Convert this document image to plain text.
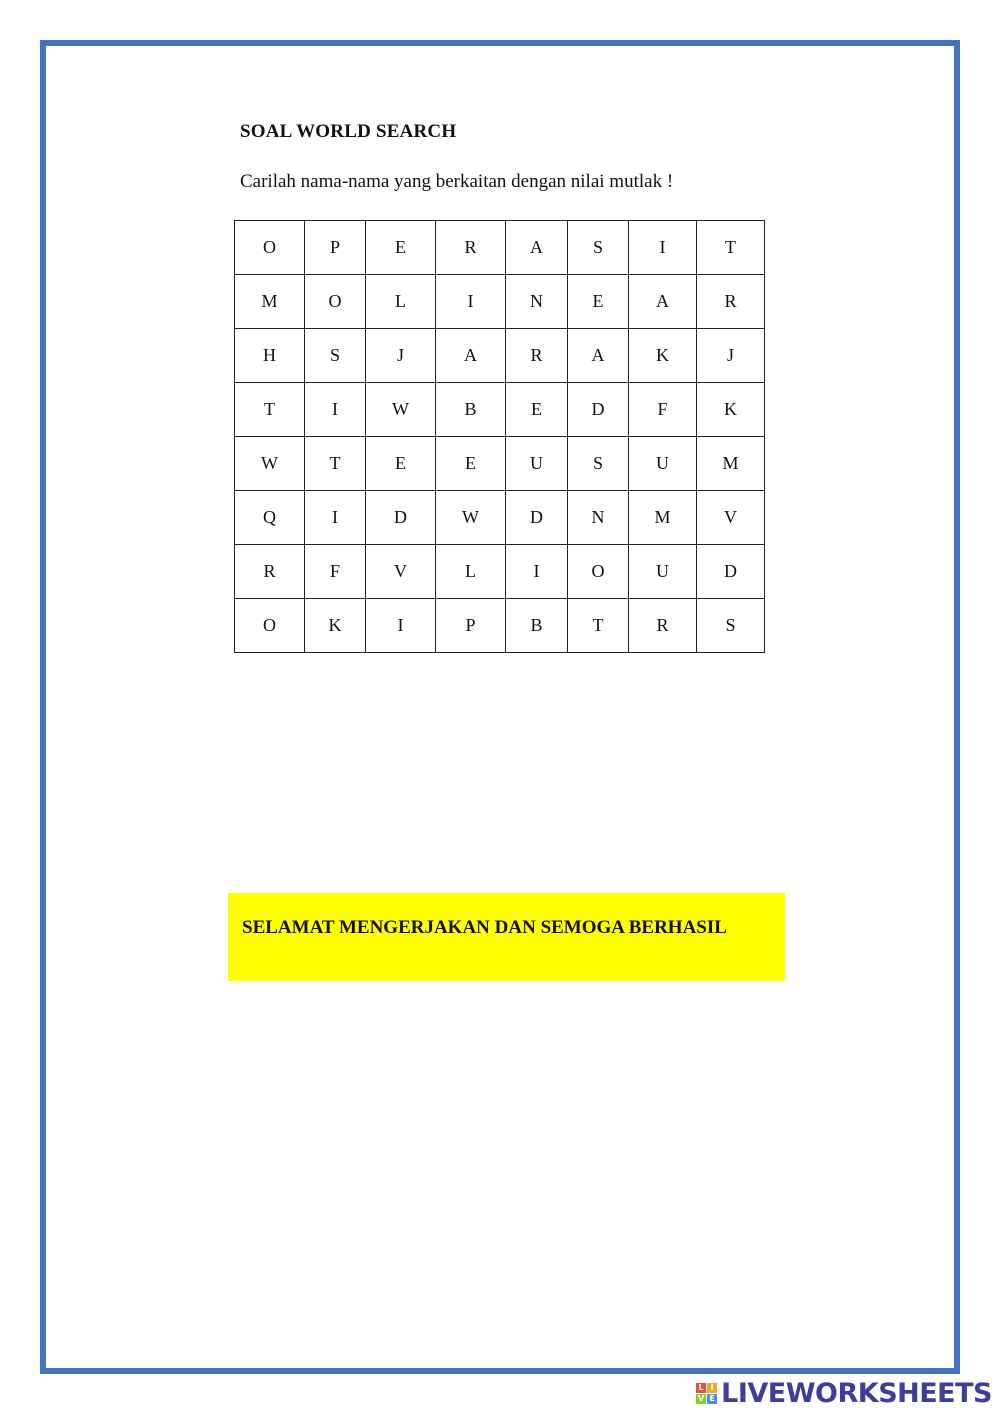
SOAL WORLD SEARCH
Carilah nama-nama yang berkaitan dengan nilai mutlak !
O	P	E	R	A	S	I	T
M	O	L	I	N	E	A	R
H	S	J	A	R	A	K	J
T	I	W	B	E	D	F	K
W	T	E	E	U	S	U	M
Q	I	D	W	D	N	M	V
R	F	V	L	I	O	U	D
O	K	I	P	B	T	R	S
SELAMAT MENGERJAKAN DAN SEMOGA BERHASIL
L I
V E LIVEWORKSHEETS
